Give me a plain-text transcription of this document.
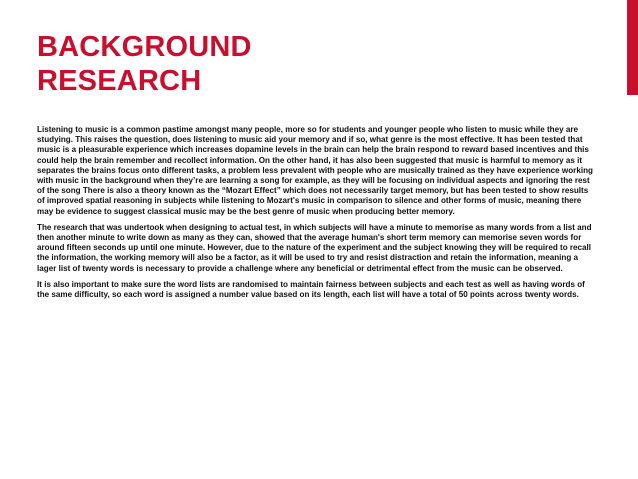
BACKGROUND
RESEARCH

Listening to music is a common pastime amongst many people, more so for students and younger people who listen to music while they are studying. This raises the question, does listening to music aid your memory and if so, what genre is the most effective. It has been tested that music is a pleasurable experience which increases dopamine levels in the brain can help the brain respond to reward based incentives and this could help the brain remember and recollect information. On the other hand, it has also been suggested that music is harmful to memory as it separates the brains focus onto different tasks, a problem less prevalent with people who are musically trained as they have experience working with music in the background when they’re are learning a song for example, as they will be focusing on individual aspects and ignoring the rest of the song There is also a theory known as the “Mozart Effect” which does not necessarily target memory, but has been tested to show results of improved spatial reasoning in subjects while listening to Mozart's music in comparison to silence and other forms of music, meaning there may be evidence to suggest classical music may be the best genre of music when producing better memory.

The research that was undertook when designing to actual test, in which subjects will have a minute to memorise as many words from a list and then another minute to write down as many as they can, showed that the average human's short term memory can memorise seven words for around fifteen seconds up until one minute. However, due to the nature of the experiment and the subject knowing they will be required to recall the information, the working memory will also be a factor, as it will be used to try and resist distraction and retain the information, meaning a lager list of twenty words is necessary to provide a challenge where any beneficial or detrimental effect from the music can be observed.

It is also important to make sure the word lists are randomised to maintain fairness between subjects and each test as well as having words of the same difficulty, so each word is assigned a number value based on its length, each list will have a total of 50 points across twenty words.
